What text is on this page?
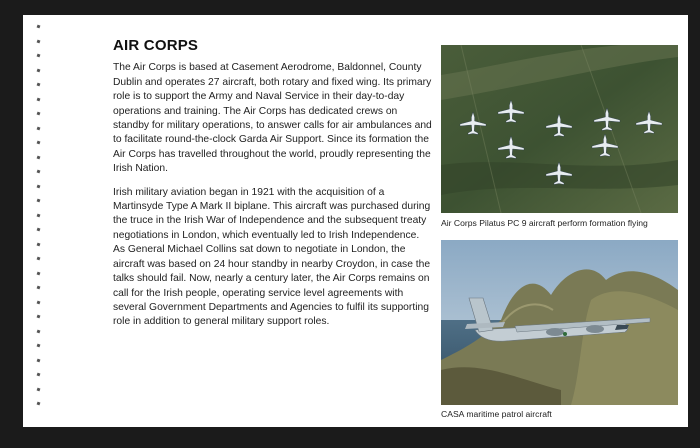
AIR CORPS

The Air Corps is based at Casement Aerodrome, Baldonnel, County Dublin and operates 27 aircraft, both rotary and fixed wing. Its primary role is to support the Army and Naval Service in their day-to-day operations and training. The Air Corps has dedicated crews on standby for military operations, to answer calls for air ambulances and to facilitate round-the-clock Garda Air Support. Since its formation the Air Corps has travelled throughout the world, proudly representing the Irish Nation.

Irish military aviation began in 1921 with the acquisition of a Martinsyde Type A Mark II biplane. This aircraft was purchased during the truce in the Irish War of Independence and the subsequent treaty negotiations in London, which eventually led to Irish Independence. As General Michael Collins sat down to negotiate in London, the aircraft was based on 24 hour standby in nearby Croydon, in case the talks should fail. Now, nearly a century later, the Air Corps remains on call for the Irish people, operating service level agreements with several Government Departments and Agencies to fulfil its supporting role in addition to general military support roles.

Air Corps Pilatus PC 9 aircraft perform formation flying
CASA maritime patrol aircraft
